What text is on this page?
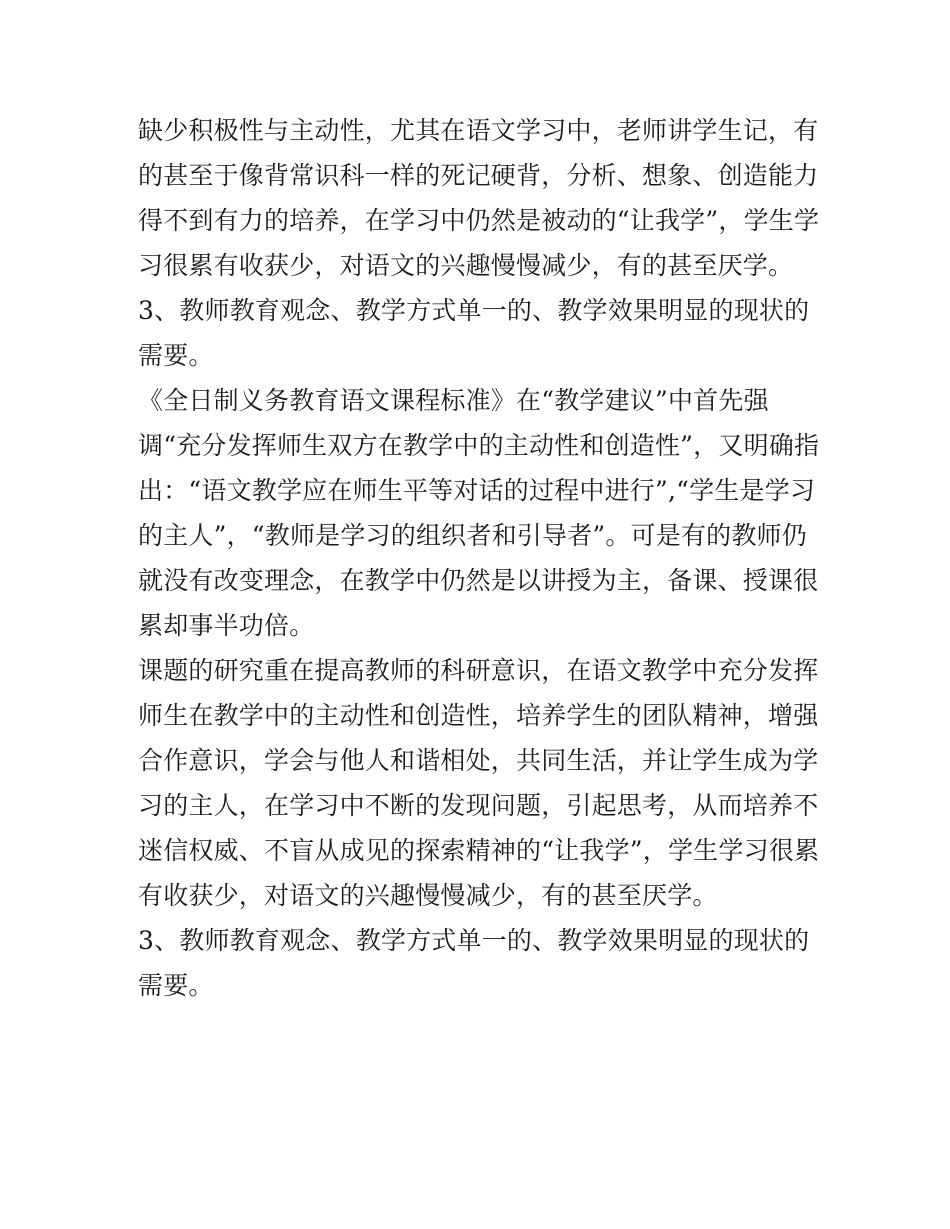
缺少积极性与主动性，尤其在语文学习中，老师讲学生记，有
的甚至于像背常识科一样的死记硬背，分析、想象、创造能力
得不到有力的培养，在学习中仍然是被动的“让我学”，学生学
习很累有收获少，对语文的兴趣慢慢减少，有的甚至厌学。
3、教师教育观念、教学方式单一的、教学效果明显的现状的
需要。
《全日制义务教育语文课程标准》在“教学建议”中首先强
调“充分发挥师生双方在教学中的主动性和创造性”，又明确指
出：“语文教学应在师生平等对话的过程中进行”,“学生是学习
的主人”，“教师是学习的组织者和引导者”。可是有的教师仍
就没有改变理念，在教学中仍然是以讲授为主，备课、授课很
累却事半功倍。
课题的研究重在提高教师的科研意识，在语文教学中充分发挥
师生在教学中的主动性和创造性，培养学生的团队精神，增强
合作意识，学会与他人和谐相处，共同生活，并让学生成为学
习的主人，在学习中不断的发现问题，引起思考，从而培养不
迷信权威、不盲从成见的探索精神的“让我学”，学生学习很累
有收获少，对语文的兴趣慢慢减少，有的甚至厌学。
3、教师教育观念、教学方式单一的、教学效果明显的现状的
需要。
